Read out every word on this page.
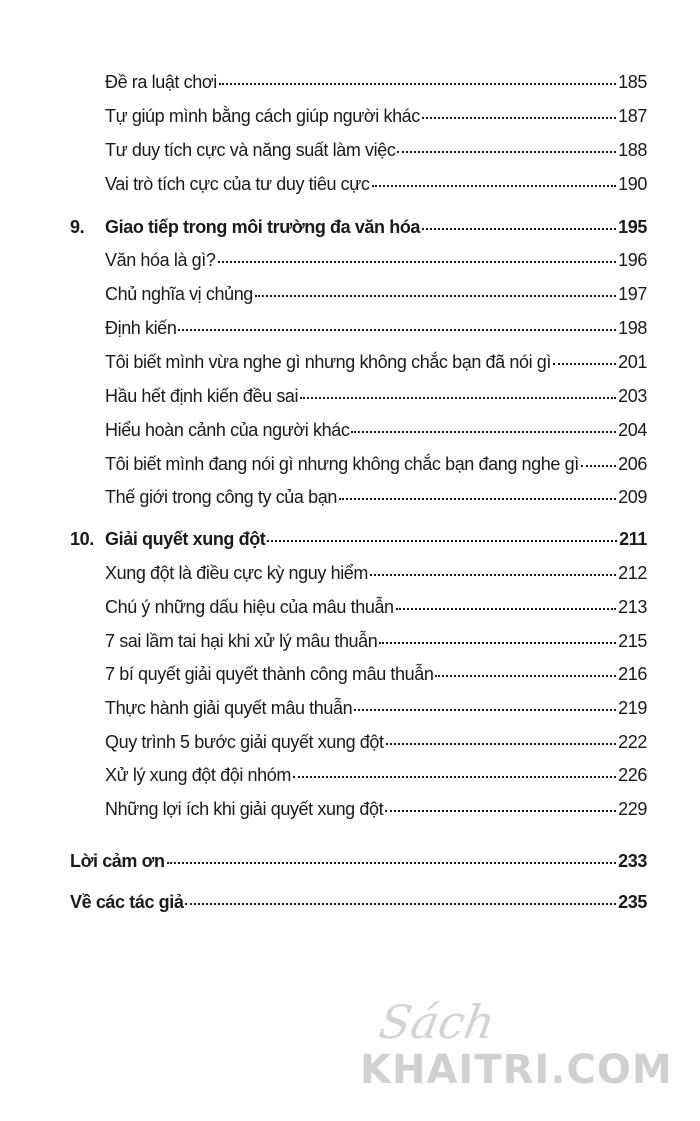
Đề ra luật chơi	185
Tự giúp mình bằng cách giúp người khác	187
Tư duy tích cực và năng suất làm việc	188
Vai trò tích cực của tư duy tiêu cực	190
9.	Giao tiếp trong môi trường đa văn hóa	195
Văn hóa là gì?	196
Chủ nghĩa vị chủng	197
Định kiến	198
Tôi biết mình vừa nghe gì nhưng không chắc bạn đã nói gì	201
Hầu hết định kiến đều sai	203
Hiểu hoàn cảnh của người khác	204
Tôi biết mình đang nói gì nhưng không chắc bạn đang nghe gì 206
Thế giới trong công ty của bạn	209
10. Giải quyết xung đột	211
Xung đột là điều cực kỳ nguy hiểm	212
Chú ý những dấu hiệu của mâu thuẫn	213
7 sai lầm tai hại khi xử lý mâu thuẫn	215
7 bí quyết giải quyết thành công mâu thuẫn	216
Thực hành giải quyết mâu thuẫn	219
Quy trình 5 bước giải quyết xung đột	222
Xử lý xung đột đội nhóm	226
Những lợi ích khi giải quyết xung đột	229
Lời cảm ơn	233
Về các tác giả	235
Sách
KHAITRI.COM
